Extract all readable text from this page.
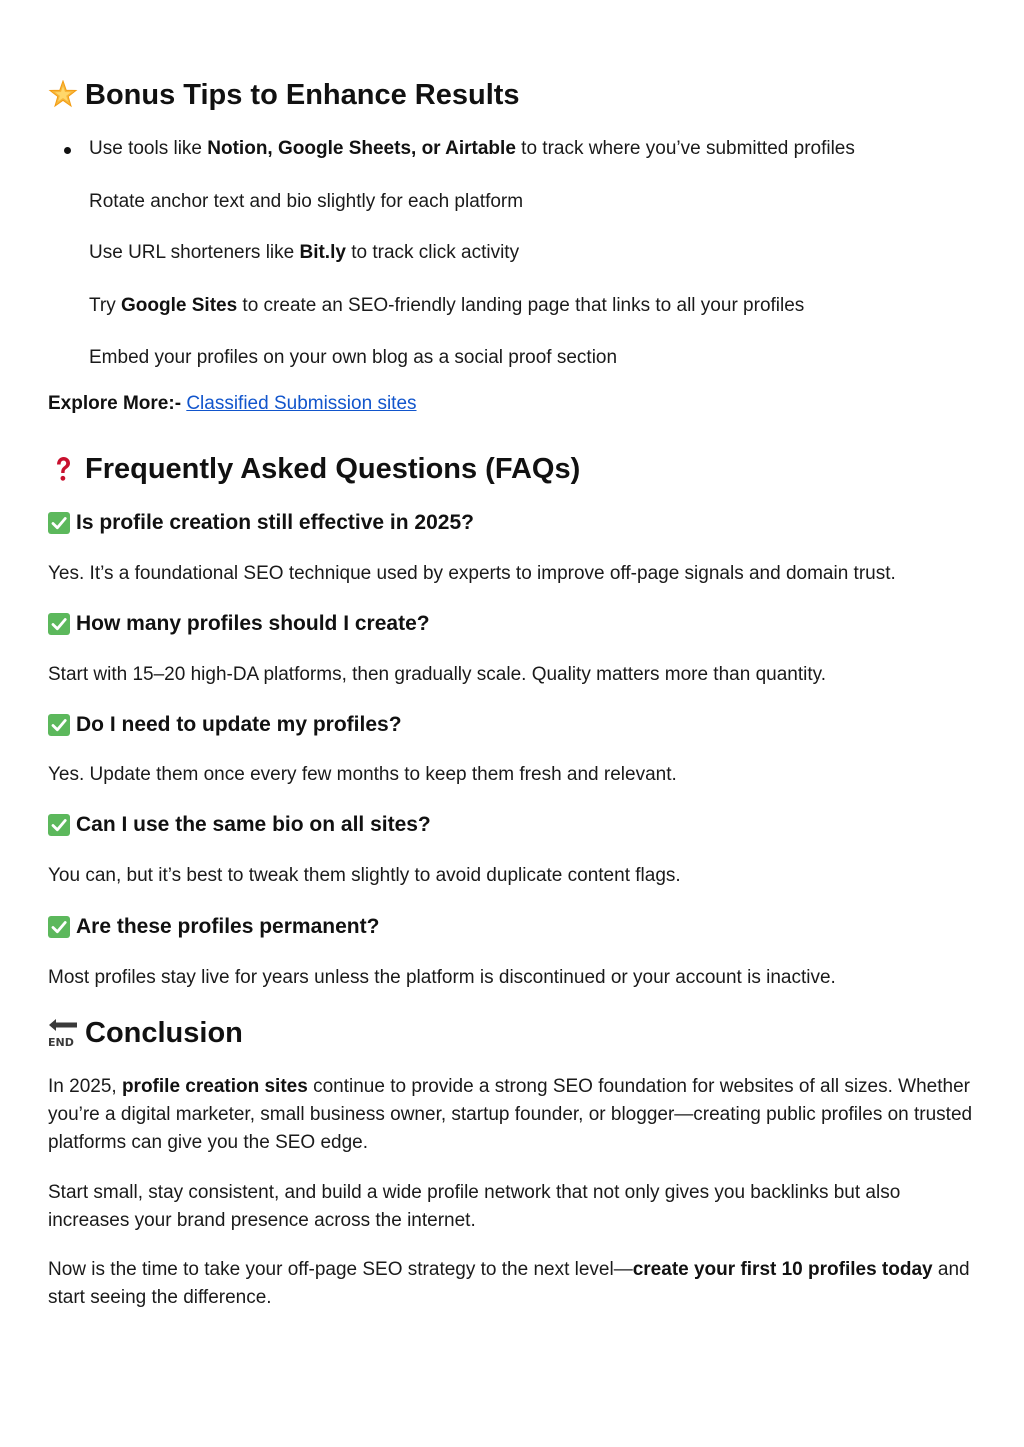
Bonus Tips to Enhance Results
Use tools like Notion, Google Sheets, or Airtable to track where you’ve submitted profiles
Rotate anchor text and bio slightly for each platform
Use URL shorteners like Bit.ly to track click activity
Try Google Sites to create an SEO-friendly landing page that links to all your profiles
Embed your profiles on your own blog as a social proof section

Explore More:- Classified Submission sites

Frequently Asked Questions (FAQs)
Is profile creation still effective in 2025?

Yes. It’s a foundational SEO technique used by experts to improve off-page signals and domain trust.

How many profiles should I create?

Start with 15–20 high-DA platforms, then gradually scale. Quality matters more than quantity.

Do I need to update my profiles?

Yes. Update them once every few months to keep them fresh and relevant.

Can I use the same bio on all sites?

You can, but it’s best to tweak them slightly to avoid duplicate content flags.

Are these profiles permanent?

Most profiles stay live for years unless the platform is discontinued or your account is inactive.

END Conclusion

In 2025, profile creation sites continue to provide a strong SEO foundation for websites of all sizes. Whether you’re a digital marketer, small business owner, startup founder, or blogger—creating public profiles on trusted platforms can give you the SEO edge.

Start small, stay consistent, and build a wide profile network that not only gives you backlinks but also increases your brand presence across the internet.

Now is the time to take your off-page SEO strategy to the next level—create your first 10 profiles today and start seeing the difference.
